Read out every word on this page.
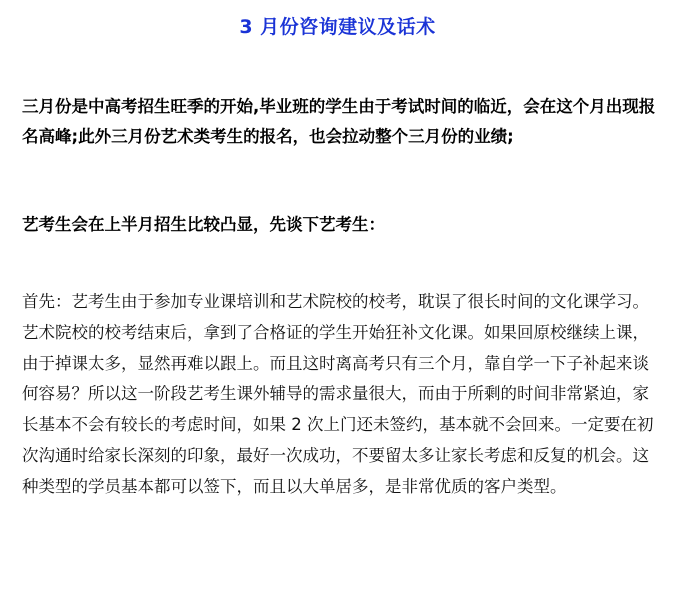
3 月份咨询建议及话术

三月份是中高考招生旺季的开始,毕业班的学生由于考试时间的临近，会在这个月出现报名高峰;此外三月份艺术类考生的报名，也会拉动整个三月份的业绩;

艺考生会在上半月招生比较凸显，先谈下艺考生：

首先：艺考生由于参加专业课培训和艺术院校的校考，耽误了很长时间的文化课学习。艺术院校的校考结束后，拿到了合格证的学生开始狂补文化课。如果回原校继续上课，由于掉课太多，显然再难以跟上。而且这时离高考只有三个月，靠自学一下子补起来谈何容易？所以这一阶段艺考生课外辅导的需求量很大，而由于所剩的时间非常紧迫，家长基本不会有较长的考虑时间，如果 2 次上门还未签约，基本就不会回来。一定要在初次沟通时给家长深刻的印象，最好一次成功，不要留太多让家长考虑和反复的机会。这种类型的学员基本都可以签下，而且以大单居多，是非常优质的客户类型。
